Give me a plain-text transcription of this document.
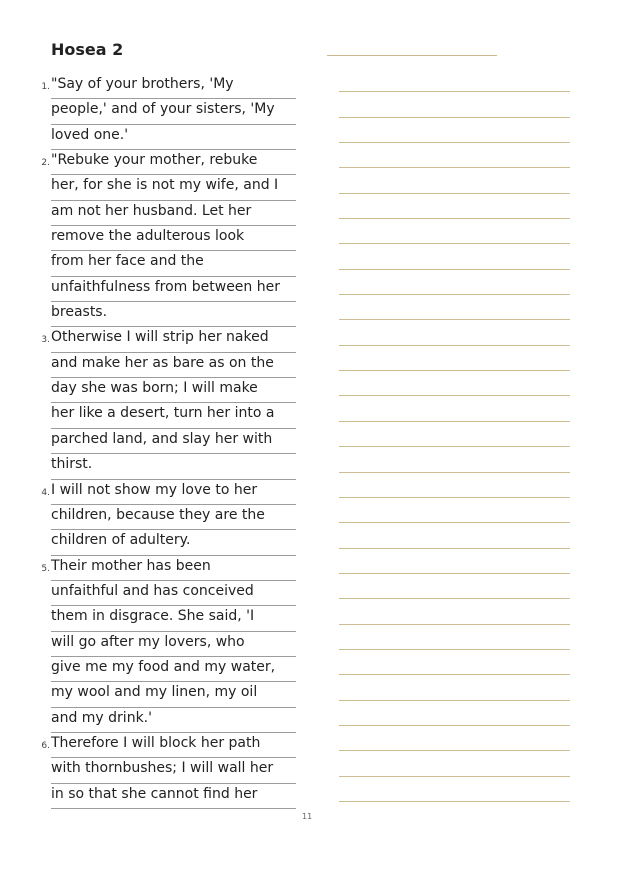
Hosea 2
1. "Say of your brothers, 'My
people,' and of your sisters, 'My
loved one.'
2. "Rebuke your mother, rebuke
her, for she is not my wife, and I
am not her husband. Let her
remove the adulterous look
from her face and the
unfaithfulness from between her
breasts.
3. Otherwise I will strip her naked
and make her as bare as on the
day she was born; I will make
her like a desert, turn her into a
parched land, and slay her with
thirst.
4. I will not show my love to her
children, because they are the
children of adultery.
5. Their mother has been
unfaithful and has conceived
them in disgrace. She said, 'I
will go after my lovers, who
give me my food and my water,
my wool and my linen, my oil
and my drink.'
6. Therefore I will block her path
with thornbushes; I will wall her
in so that she cannot find her
11
